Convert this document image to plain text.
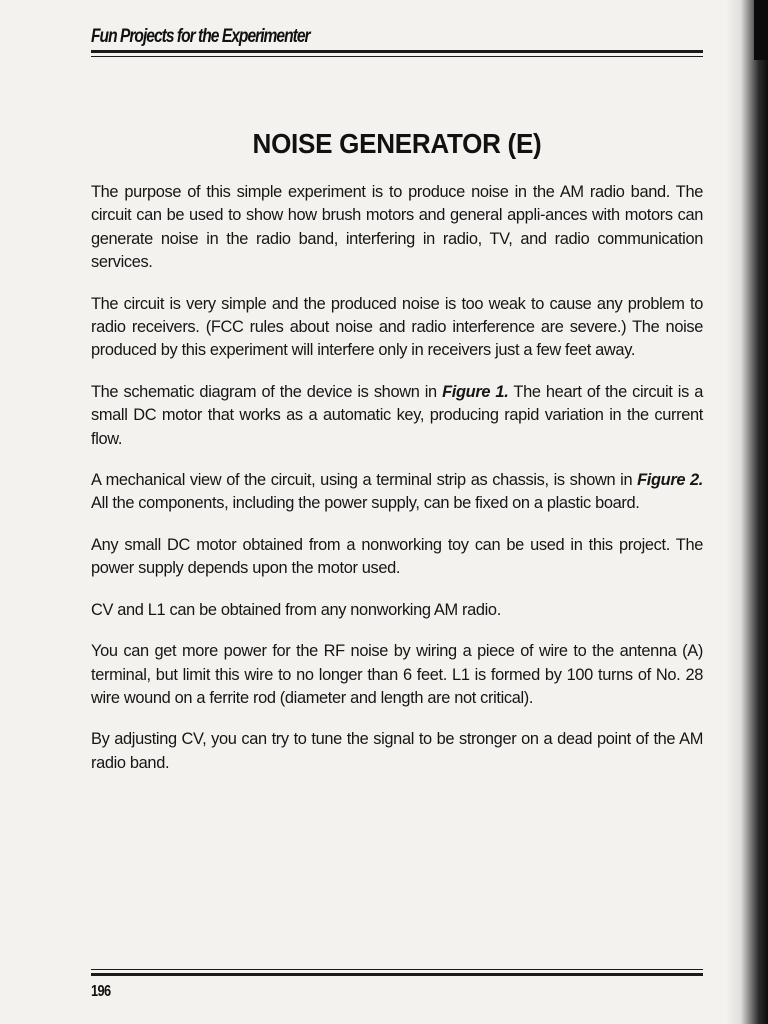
Fun Projects for the Experimenter
NOISE GENERATOR (E)

The purpose of this simple experiment is to produce noise in the AM radio band. The circuit can be used to show how brush motors and general appli-ances with motors can generate noise in the radio band, interfering in radio, TV, and radio communication services.

The circuit is very simple and the produced noise is too weak to cause any problem to radio receivers. (FCC rules about noise and radio interference are severe.) The noise produced by this experiment will interfere only in receivers just a few feet away.

The schematic diagram of the device is shown in Figure 1. The heart of the circuit is a small DC motor that works as a automatic key, producing rapid variation in the current flow.

A mechanical view of the circuit, using a terminal strip as chassis, is shown in Figure 2. All the components, including the power supply, can be fixed on a plastic board.

Any small DC motor obtained from a nonworking toy can be used in this project. The power supply depends upon the motor used.

CV and L1 can be obtained from any nonworking AM radio.

You can get more power for the RF noise by wiring a piece of wire to the antenna (A) terminal, but limit this wire to no longer than 6 feet. L1 is formed by 100 turns of No. 28 wire wound on a ferrite rod (diameter and length are not critical).

By adjusting CV, you can try to tune the signal to be stronger on a dead point of the AM radio band.

196
